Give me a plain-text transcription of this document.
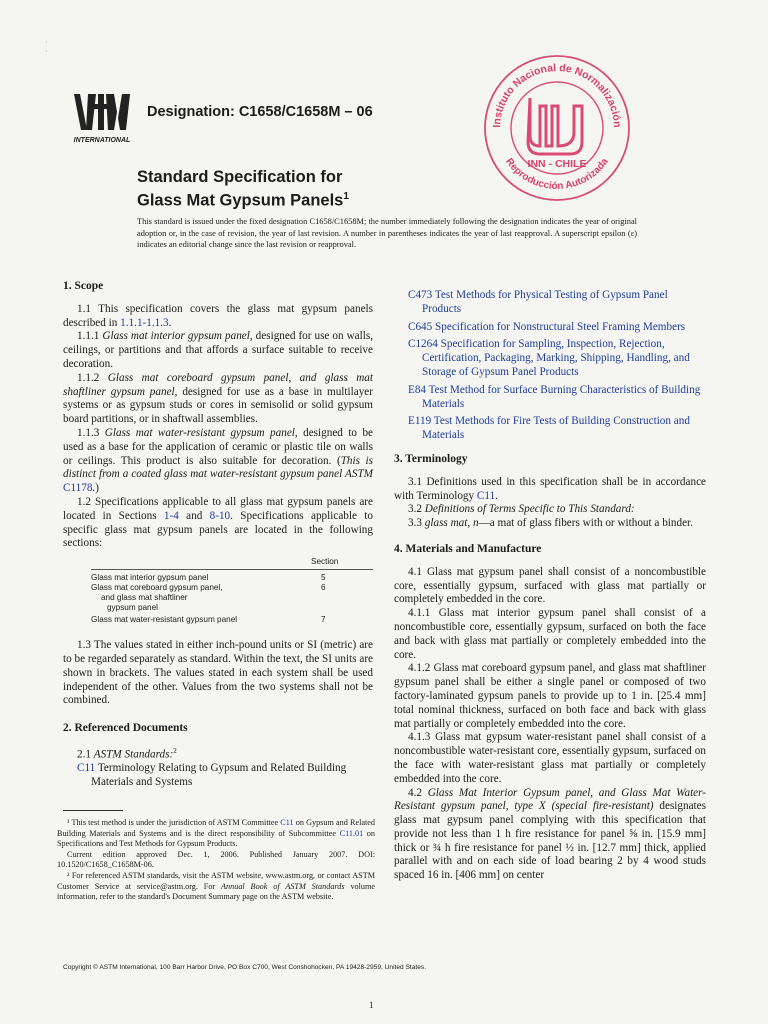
·
·
INTERNATIONAL
Designation: C1658/C1658M – 06
Standard Specification for
Glass Mat Gypsum Panels$^1$

This standard is issued under the fixed designation C1658/C1658M; the number immediately following the designation indicates the year of original adoption or, in the case of revision, the year of last revision. A number in parentheses indicates the year of last reapproval. A superscript epsilon (ε) indicates an editorial change since the last revision or reapproval.

Instituto Nacional de Normalización
Reproducción Autorizada
INN - CHILE
1. Scope

1.1 This specification covers the glass mat gypsum panels described in 1.1.1-1.1.3.

1.1.1 Glass mat interior gypsum panel, designed for use on walls, ceilings, or partitions and that affords a surface suitable to receive decoration.

1.1.2 Glass mat coreboard gypsum panel, and glass mat shaftliner gypsum panel, designed for use as a base in multilayer systems or as gypsum studs or cores in semisolid or solid gypsum board partitions, or in shaftwall assemblies.

1.1.3 Glass mat water-resistant gypsum panel, designed to be used as a base for the application of ceramic or plastic tile on walls or ceilings. This product is also suitable for decoration. (This is distinct from a coated glass mat water-resistant gypsum panel ASTM C1178.)

1.2 Specifications applicable to all glass mat gypsum panels are located in Sections 1-4 and 8-10. Specifications applicable to specific glass mat gypsum panels are located in the following sections:

Section
Glass mat interior gypsum panel	5
Glass mat coreboard gypsum panel,	6
and glass mat shaftliner
gypsum panel
Glass mat water-resistant gypsum panel	7

1.3 The values stated in either inch-pound units or SI (metric) are to be regarded separately as standard. Within the text, the SI units are shown in brackets. The values stated in each system shall be used independent of the other. Values from the two systems shall not be combined.

2. Referenced Documents

2.1 ASTM Standards:$^2$

C11 Terminology Relating to Gypsum and Related Building Materials and Systems

C473 Test Methods for Physical Testing of Gypsum Panel Products

C645 Specification for Nonstructural Steel Framing Members

C1264 Specification for Sampling, Inspection, Rejection, Certification, Packaging, Marking, Shipping, Handling, and Storage of Gypsum Panel Products

E84 Test Method for Surface Burning Characteristics of Building Materials

E119 Test Methods for Fire Tests of Building Construction and Materials

3. Terminology

3.1 Definitions used in this specification shall be in accordance with Terminology C11.

3.2 Definitions of Terms Specific to This Standard:

3.3 glass mat, n—a mat of glass fibers with or without a binder.

4. Materials and Manufacture

4.1 Glass mat gypsum panel shall consist of a noncombustible core, essentially gypsum, surfaced with glass mat partially or completely embedded in the core.

4.1.1 Glass mat interior gypsum panel shall consist of a noncombustible core, essentially gypsum, surfaced on both the face and back with glass mat partially or completely embedded into the core.

4.1.2 Glass mat coreboard gypsum panel, and glass mat shaftliner gypsum panel shall be either a single panel or composed of two factory-laminated gypsum panels to provide up to 1 in. [25.4 mm] total nominal thickness, surfaced on both face and back with glass mat partially or completely embedded into the core.

4.1.3 Glass mat gypsum water-resistant panel shall consist of a noncombustible water-resistant core, essentially gypsum, surfaced on the face with water-resistant glass mat partially or completely embedded into the core.

4.2 Glass Mat Interior Gypsum panel, and Glass Mat Water-Resistant gypsum panel, type X (special fire-resistant) designates glass mat gypsum panel complying with this specification that provide not less than 1 h fire resistance for panel ⅝ in. [15.9 mm] thick or ¾ h fire resistance for panel ½ in. [12.7 mm] thick, applied parallel with and on each side of load bearing 2 by 4 wood studs spaced 16 in. [406 mm] on center

¹ This test method is under the jurisdiction of ASTM Committee C11 on Gypsum and Related Building Materials and Systems and is the direct responsibility of Subcommittee C11.01 on Specifications and Test Methods for Gypsum Products.

Current edition approved Dec. 1, 2006. Published January 2007. DOI: 10.1520/C1658_C1658M-06.

² For referenced ASTM standards, visit the ASTM website, www.astm.org, or contact ASTM Customer Service at service@astm.org. For Annual Book of ASTM Standards volume information, refer to the standard's Document Summary page on the ASTM website.

Copyright © ASTM International, 100 Barr Harbor Drive, PO Box C700, West Conshohocken, PA 19428-2959, United States.
1
